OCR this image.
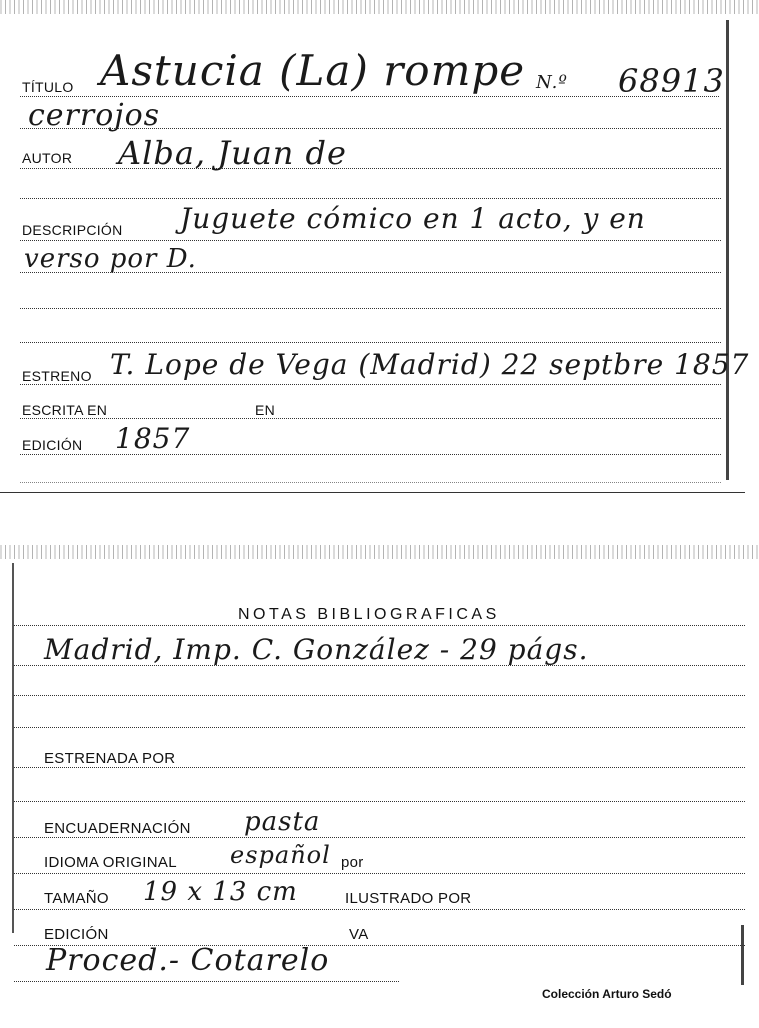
TÍTULO Astucia (La) rompe N.º 68913
cerrojos
AUTOR Alba, Juan de
DESCRIPCIÓN Juguete cómico en 1 acto, y en
verso por D.
ESTRENO T. Lope de Vega (Madrid) 22 septbre 1857
ESCRITA EN	EN
EDICIÓN 1857
NOTAS BIBLIOGRAFICAS
Madrid, Imp. C. González - 29 págs.
ESTRENADA POR
ENCUADERNACIÓN pasta
IDIOMA ORIGINAL español por
TAMAÑO 19 x 13 cm	ILUSTRADO POR
EDICIÓN	VA
Proced.- Cotarelo
Colección Arturo Sedó
